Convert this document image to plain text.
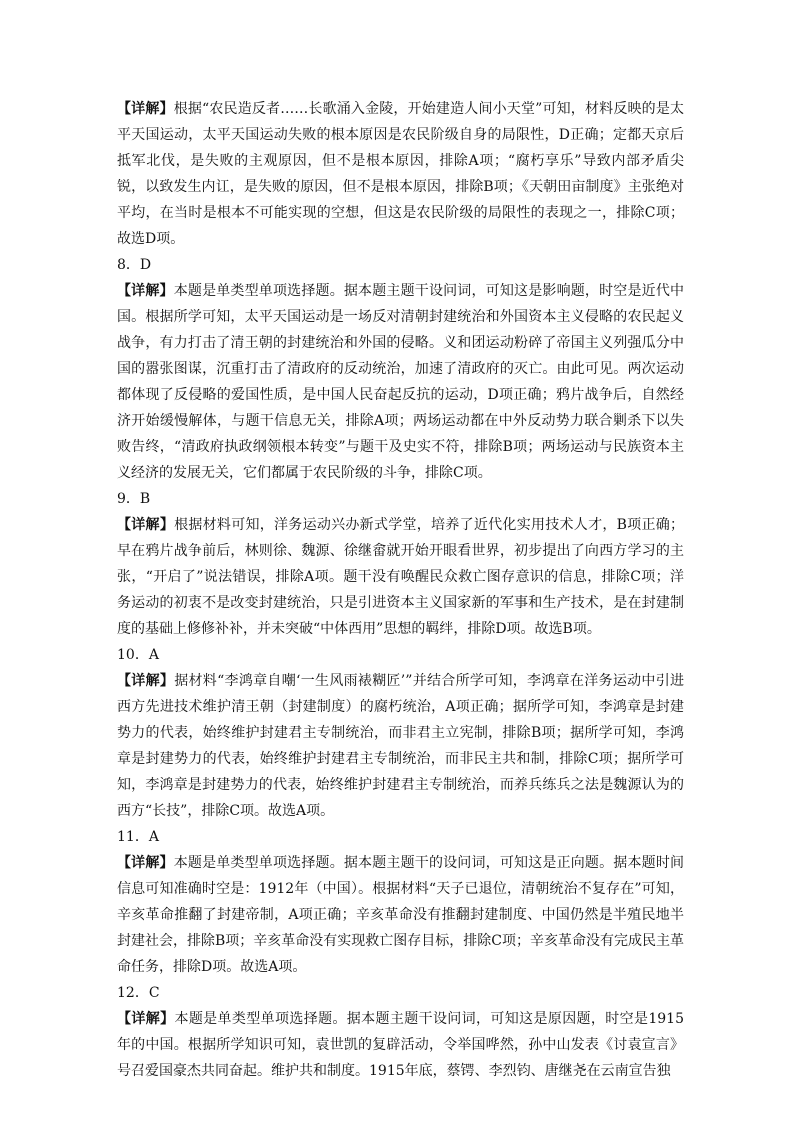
【详解】根据“农民造反者……长歌涌入金陵，开始建造人间小天堂”可知，材料反映的是太平天国运动，太平天国运动失败的根本原因是农民阶级自身的局限性，D正确；定都天京后抵军北伐，是失败的主观原因，但不是根本原因，排除A项；“腐朽享乐”导致内部矛盾尖锐，以致发生内讧，是失败的原因，但不是根本原因，排除B项；《天朝田亩制度》主张绝对平均，在当时是根本不可能实现的空想，但这是农民阶级的局限性的表现之一，排除C项；故选D项。

8．D

【详解】本题是单类型单项选择题。据本题主题干设问词，可知这是影响题，时空是近代中国。根据所学可知，太平天国运动是一场反对清朝封建统治和外国资本主义侵略的农民起义战争，有力打击了清王朝的封建统治和外国的侵略。义和团运动粉碎了帝国主义列强瓜分中国的嚣张图谋，沉重打击了清政府的反动统治，加速了清政府的灭亡。由此可见。两次运动都体现了反侵略的爱国性质，是中国人民奋起反抗的运动，D项正确；鸦片战争后，自然经济开始缓慢解体，与题干信息无关，排除A项；两场运动都在中外反动势力联合剿杀下以失败告终，“清政府执政纲领根本转变”与题干及史实不符，排除B项；两场运动与民族资本主义经济的发展无关，它们都属于农民阶级的斗争，排除C项。

9．B

【详解】根据材料可知，洋务运动兴办新式学堂，培养了近代化实用技术人才，B项正确；早在鸦片战争前后，林则徐、魏源、徐继畲就开始开眼看世界，初步提出了向西方学习的主张，“开启了”说法错误，排除A项。题干没有唤醒民众救亡图存意识的信息，排除C项；洋务运动的初衷不是改变封建统治，只是引进资本主义国家新的军事和生产技术，是在封建制度的基础上修修补补，并未突破“中体西用”思想的羁绊，排除D项。故选B项。

10．A

【详解】据材料“李鸿章自嘲‘一生风雨裱糊匠’”并结合所学可知，李鸿章在洋务运动中引进西方先进技术维护清王朝（封建制度）的腐朽统治，A项正确；据所学可知，李鸿章是封建势力的代表，始终维护封建君主专制统治，而非君主立宪制，排除B项；据所学可知，李鸿章是封建势力的代表，始终维护封建君主专制统治，而非民主共和制，排除C项；据所学可知，李鸿章是封建势力的代表，始终维护封建君主专制统治，而养兵练兵之法是魏源认为的西方“长技”，排除C项。故选A项。

11．A

【详解】本题是单类型单项选择题。据本题主题干的设问词，可知这是正向题。据本题时间信息可知准确时空是：1912年（中国）。根据材料“天子已退位，清朝统治不复存在”可知，辛亥革命推翻了封建帝制，A项正确；辛亥革命没有推翻封建制度、中国仍然是半殖民地半封建社会，排除B项；辛亥革命没有实现救亡图存目标，排除C项；辛亥革命没有完成民主革命任务，排除D项。故选A项。

12．C

【详解】本题是单类型单项选择题。据本题主题干设问词，可知这是原因题，时空是1915年的中国。根据所学知识可知，袁世凯的复辟活动，令举国哗然，孙中山发表《讨袁宣言》号召爱国豪杰共同奋起。维护共和制度。1915年底，蔡锷、李烈钧、唐继尧在云南宣告独
